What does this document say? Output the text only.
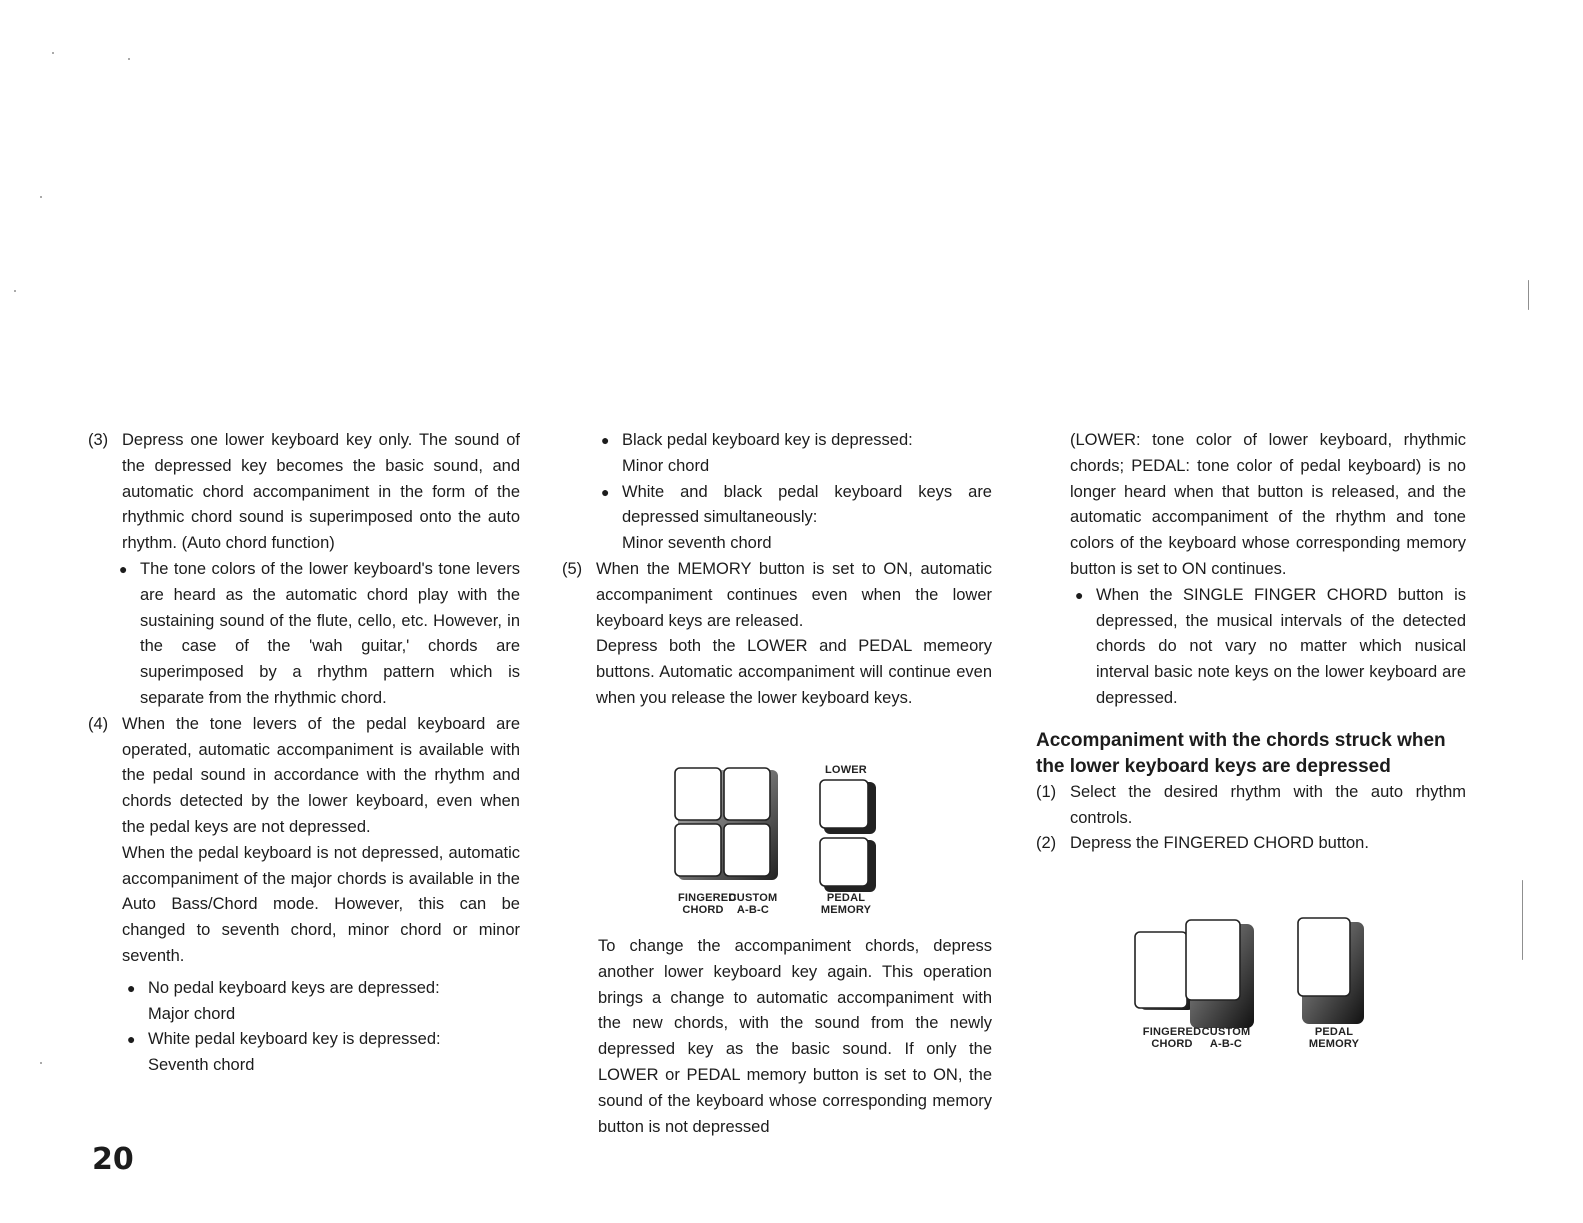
(3) Depress one lower keyboard key only. The sound of the depressed key becomes the basic sound, and automatic chord accompaniment in the form of the rhythmic chord sound is superimposed onto the auto rhythm. (Auto chord function)
● The tone colors of the lower keyboard's tone levers are heard as the automatic chord play with the sustaining sound of the flute, cello, etc. However, in the case of the 'wah guitar,' chords are superimposed by a rhythm pattern which is separate from the rhythmic chord.
(4) When the tone levers of the pedal keyboard are operated, automatic accompaniment is available with the pedal sound in accordance with the rhythm and chords detected by the lower keyboard, even when the pedal keys are not depressed.
When the pedal keyboard is not depressed, automatic accompaniment of the major chords is available in the Auto Bass/Chord mode. However, this can be changed to seventh chord, minor chord or minor seventh.
● No pedal keyboard keys are depressed:
Major chord
● White pedal keyboard key is depressed:
Seventh chord
● Black pedal keyboard key is depressed:
Minor chord
● White and black pedal keyboard keys are depressed simultaneously:
Minor seventh chord
(5) When the MEMORY button is set to ON, automatic accompaniment continues even when the lower keyboard keys are released.
Depress both the LOWER and PEDAL memeory buttons. Automatic accompaniment will continue even when you release the lower keyboard keys.
LOWER
FINGERED
CHORD
CUSTOM
A-B-C
PEDAL
MEMORY
To change the accompaniment chords, depress another lower keyboard key again. This operation brings a change to automatic accompaniment with the new chords, with the sound from the newly depressed key as the basic sound. If only the LOWER or PEDAL memory button is set to ON, the sound of the keyboard whose corresponding memory button is not depressed
(LOWER: tone color of lower keyboard, rhythmic chords; PEDAL: tone color of pedal keyboard) is no longer heard when that button is released, and the automatic accompaniment of the rhythm and tone colors of the keyboard whose corresponding memory button is set to ON continues.
● When the SINGLE FINGER CHORD button is depressed, the musical intervals of the detected chords do not vary no matter which nusical interval basic note keys on the lower keyboard are depressed.
Accompaniment with the chords struck when the lower keyboard keys are depressed
(1) Select the desired rhythm with the auto rhythm controls.
(2) Depress the FINGERED CHORD button.
FINGERED
CHORD
CUSTOM
A-B-C
PEDAL
MEMORY
20
